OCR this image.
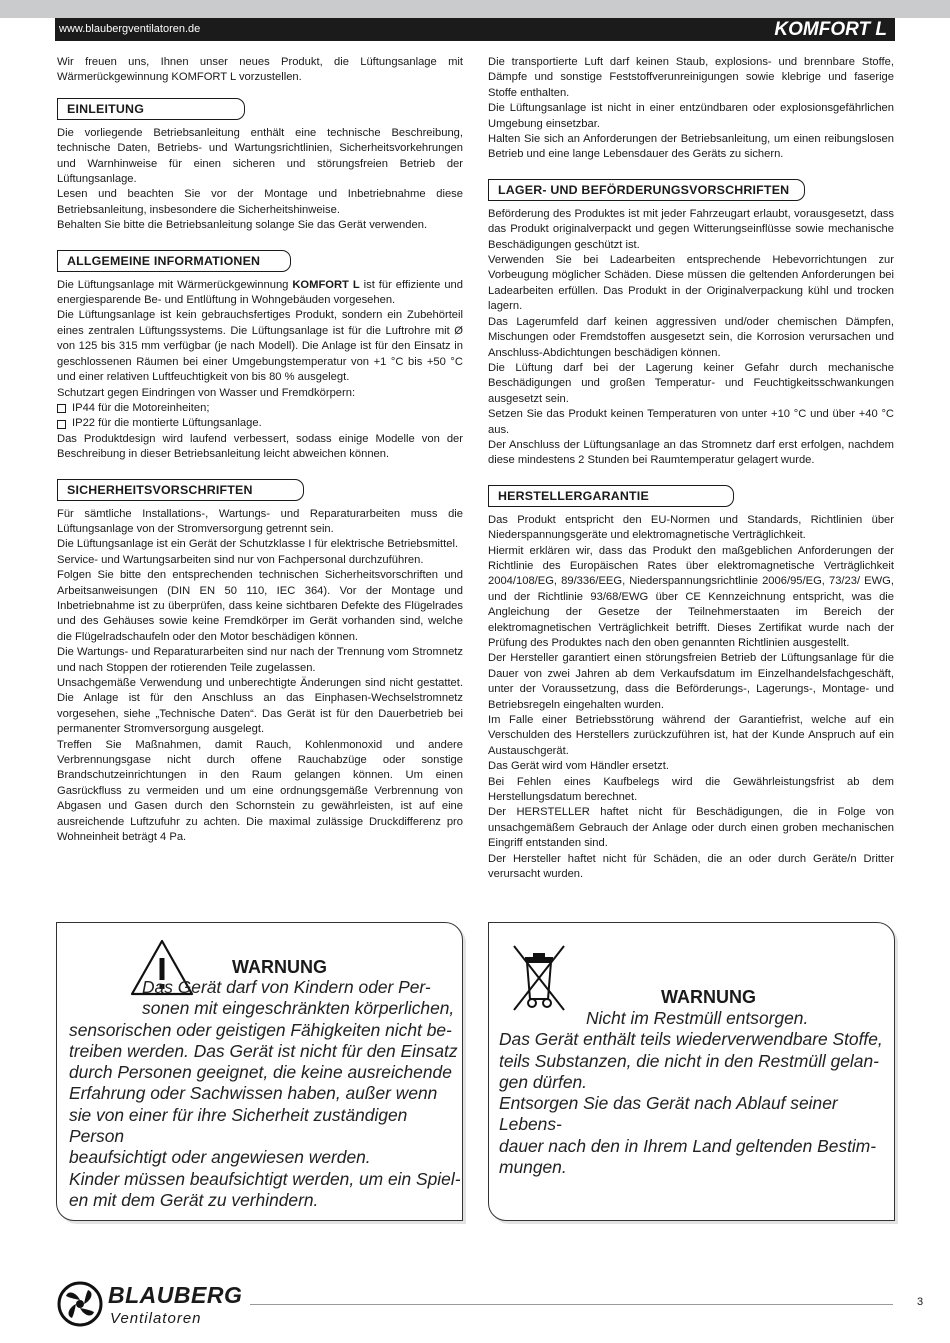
www.blaubergventilatoren.de	KOMFORT L

Wir freuen uns, Ihnen unser neues Produkt, die Lüftungsanlage mit Wärmerückgewinnung KOMFORT L vorzustellen.

EINLEITUNG

Die vorliegende Betriebsanleitung enthält eine technische Beschreibung, technische Daten, Betriebs- und Wartungsrichtlinien, Sicherheitsvorkehrungen und Warnhinweise für einen sicheren und störungsfreien Betrieb der Lüftungsanlage.

Lesen und beachten Sie vor der Montage und Inbetriebnahme diese Betriebsanleitung, insbesondere die Sicherheitshinweise.

Behalten Sie bitte die Betriebsanleitung solange Sie das Gerät verwenden.

ALLGEMEINE INFORMATIONEN

Die Lüftungsanlage mit Wärmerückgewinnung KOMFORT L ist für effiziente und energiesparende Be- und Entlüftung in Wohngebäuden vorgesehen.

Die Lüftungsanlage ist kein gebrauchsfertiges Produkt, sondern ein Zubehörteil eines zentralen Lüftungssystems. Die Lüftungsanlage ist für die Luftrohre mit Ø von 125 bis 315 mm verfügbar (je nach Modell). Die Anlage ist für den Einsatz in geschlossenen Räumen bei einer Umgebungstemperatur von +1 °C bis +50 °C und einer relativen Luftfeuchtigkeit von bis 80 % ausgelegt.

Schutzart gegen Eindringen von Wasser und Fremdkörpern:

IP44 für die Motoreinheiten;
IP22 für die montierte Lüftungsanlage.

Das Produktdesign wird laufend verbessert, sodass einige Modelle von der Beschreibung in dieser Betriebsanleitung leicht abweichen können.

SICHERHEITSVORSCHRIFTEN

Für sämtliche Installations-, Wartungs- und Reparaturarbeiten muss die Lüftungsanlage von der Stromversorgung getrennt sein.

Die Lüftungsanlage ist ein Gerät der Schutzklasse I für elektrische Betriebsmittel.

Service- und Wartungsarbeiten sind nur von Fachpersonal durchzuführen.

Folgen Sie bitte den entsprechenden technischen Sicherheitsvorschriften und Arbeitsanweisungen (DIN EN 50 110, IEC 364). Vor der Montage und Inbetriebnahme ist zu überprüfen, dass keine sichtbaren Defekte des Flügelrades und des Gehäuses sowie keine Fremdkörper im Gerät vorhanden sind, welche die Flügelradschaufeln oder den Motor beschädigen können.

Die Wartungs- und Reparaturarbeiten sind nur nach der Trennung vom Stromnetz und nach Stoppen der rotierenden Teile zugelassen.

Unsachgemäße Verwendung und unberechtigte Änderungen sind nicht gestattet. Die Anlage ist für den Anschluss an das Einphasen-Wechselstromnetz vorgesehen, siehe „Technische Daten“. Das Gerät ist für den Dauerbetrieb bei permanenter Stromversorgung ausgelegt.

Treffen Sie Maßnahmen, damit Rauch, Kohlenmonoxid und andere Verbrennungsgase nicht durch offene Rauchabzüge oder sonstige Brandschutzeinrichtungen in den Raum gelangen können. Um einen Gasrückfluss zu vermeiden und um eine ordnungsgemäße Verbrennung von Abgasen und Gasen durch den Schornstein zu gewährleisten, ist auf eine ausreichende Luftzufuhr zu achten. Die maximal zulässige Druckdifferenz pro Wohneinheit beträgt 4 Pa.

Die transportierte Luft darf keinen Staub, explosions- und brennbare Stoffe, Dämpfe und sonstige Feststoffverunreinigungen sowie klebrige und faserige Stoffe enthalten.

Die Lüftungsanlage ist nicht in einer entzündbaren oder explosionsgefährlichen Umgebung einsetzbar.

Halten Sie sich an Anforderungen der Betriebsanleitung, um einen reibungslosen Betrieb und eine lange Lebensdauer des Geräts zu sichern.

LAGER- UND BEFÖRDERUNGSVORSCHRIFTEN

Beförderung des Produktes ist mit jeder Fahrzeugart erlaubt, vorausgesetzt, dass das Produkt originalverpackt und gegen Witterungseinflüsse sowie mechanische Beschädigungen geschützt ist.

Verwenden Sie bei Ladearbeiten entsprechende Hebevorrichtungen zur Vorbeugung möglicher Schäden. Diese müssen die geltenden Anforderungen bei Ladearbeiten erfüllen. Das Produkt in der Originalverpackung kühl und trocken lagern.

Das Lagerumfeld darf keinen aggressiven und/oder chemischen Dämpfen, Mischungen oder Fremdstoffen ausgesetzt sein, die Korrosion verursachen und Anschluss-Abdichtungen beschädigen können.

Die Lüftung darf bei der Lagerung keiner Gefahr durch mechanische Beschädigungen und großen Temperatur- und Feuchtigkeitsschwankungen ausgesetzt sein.

Setzen Sie das Produkt keinen Temperaturen von unter +10 °C und über +40 °C aus.

Der Anschluss der Lüftungsanlage an das Stromnetz darf erst erfolgen, nachdem diese mindestens 2 Stunden bei Raumtemperatur gelagert wurde.

HERSTELLERGARANTIE

Das Produkt entspricht den EU-Normen und Standards, Richtlinien über Niederspannungsgeräte und elektromagnetische Verträglichkeit.

Hiermit erklären wir, dass das Produkt den maßgeblichen Anforderungen der Richtlinie des Europäischen Rates über elektromagnetische Verträglichkeit 2004/108/EG, 89/336/EEG, Niederspannungsrichtlinie 2006/95/EG, 73/23/ EWG, und der Richtlinie 93/68/EWG über CE Kennzeichnung entspricht, was die Angleichung der Gesetze der Teilnehmerstaaten im Bereich der elektromagnetischen Verträglichkeit betrifft. Dieses Zertifikat wurde nach der Prüfung des Produktes nach den oben genannten Richtlinien ausgestellt.

Der Hersteller garantiert einen störungsfreien Betrieb der Lüftungsanlage für die Dauer von zwei Jahren ab dem Verkaufsdatum im Einzelhandelsfachgeschäft, unter der Voraussetzung, dass die Beförderungs-, Lagerungs-, Montage- und Betriebsregeln eingehalten wurden.

Im Falle einer Betriebsstörung während der Garantiefrist, welche auf ein Verschulden des Herstellers zurückzuführen ist, hat der Kunde Anspruch auf ein Austauschgerät.

Das Gerät wird vom Händler ersetzt.

Bei Fehlen eines Kaufbelegs wird die Gewährleistungsfrist ab dem Herstellungsdatum berechnet.

Der HERSTELLER haftet nicht für Beschädigungen, die in Folge von unsachgemäßem Gebrauch der Anlage oder durch einen groben mechanischen Eingriff entstanden sind.

Der Hersteller haftet nicht für Schäden, die an oder durch Geräte/n Dritter verursacht wurden.

WARNUNG
Das Gerät darf von Kindern oder Per-
sonen mit eingeschränkten körperlichen,
sensorischen oder geistigen Fähigkeiten nicht be-
treiben werden. Das Gerät ist nicht für den Einsatz
durch Personen geeignet, die keine ausreichende
Erfahrung oder Sachwissen haben, außer wenn
sie von einer für ihre Sicherheit zuständigen Person
beaufsichtigt oder angewiesen werden.
Kinder müssen beaufsichtigt werden, um ein Spiel-
en mit dem Gerät zu verhindern.
WARNUNG
Nicht im Restmüll entsorgen.
Das Gerät enthält teils wiederverwendbare Stoffe,
teils Substanzen, die nicht in den Restmüll gelan-
gen dürfen.
Entsorgen Sie das Gerät nach Ablauf seiner Lebens-
dauer nach den in Ihrem Land geltenden Bestim-
mungen.
BLAUBERG
Ventilatoren
3
